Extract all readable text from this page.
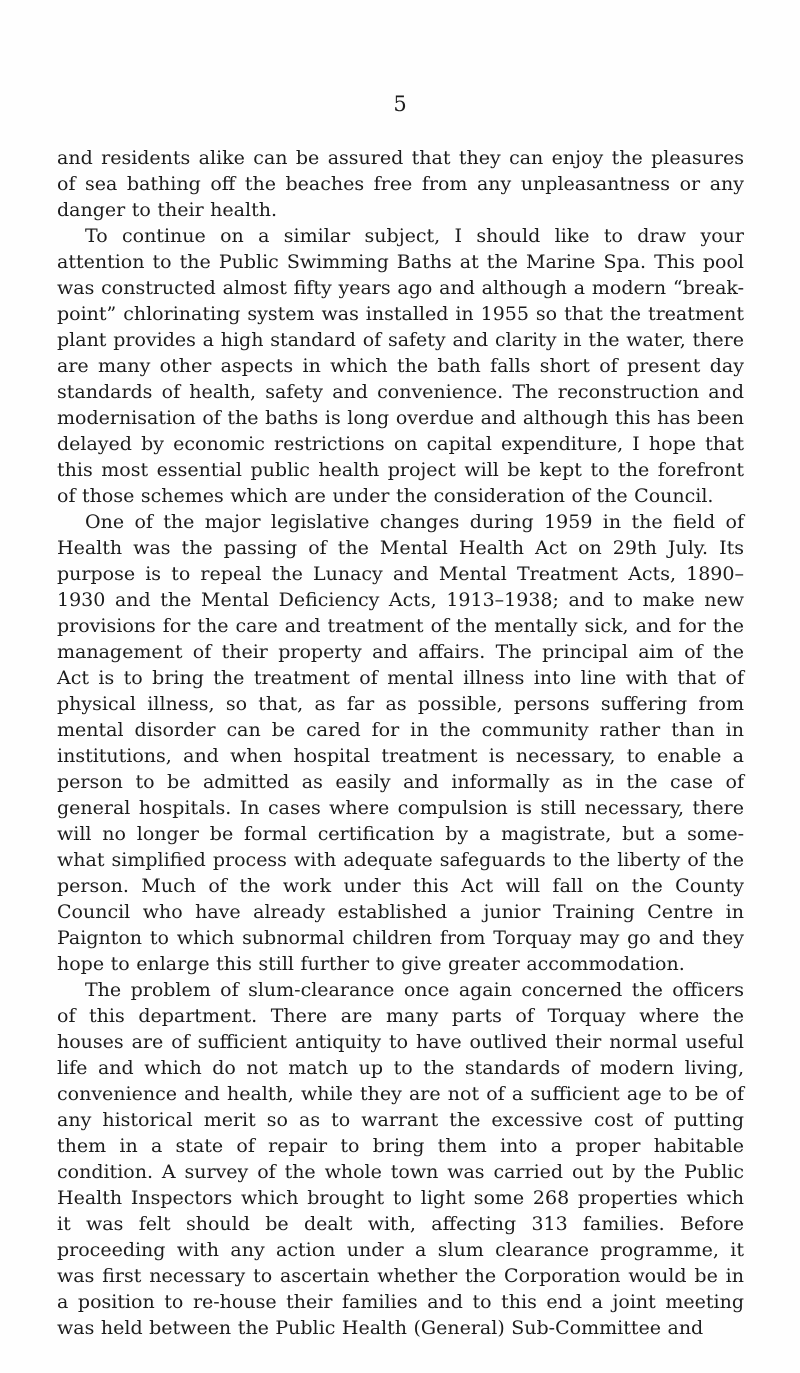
5

and residents alike can be assured that they can enjoy the pleasures of sea bathing off the beaches free from any unpleasantness or any danger to their health.

To continue on a similar subject, I should like to draw your attention to the Public Swimming Baths at the Marine Spa. This pool was constructed almost fifty years ago and although a modern “break-point” chlorinating system was installed in 1955 so that the treatment plant provides a high standard of safety and clarity in the water, there are many other aspects in which the bath falls short of present day standards of health, safety and convenience. The reconstruction and modernisation of the baths is long overdue and although this has been delayed by economic restrictions on capital expenditure, I hope that this most essential public health project will be kept to the forefront of those schemes which are under the consideration of the Council.

One of the major legislative changes during 1959 in the field of Health was the passing of the Mental Health Act on 29th July. Its purpose is to repeal the Lunacy and Mental Treatment Acts, 1890–1930 and the Mental Deficiency Acts, 1913–1938; and to make new provisions for the care and treatment of the mentally sick, and for the management of their property and affairs. The principal aim of the Act is to bring the treatment of mental illness into line with that of physical illness, so that, as far as possible, persons suffering from mental disorder can be cared for in the community rather than in institutions, and when hospital treatment is necessary, to enable a person to be admitted as easily and informally as in the case of general hospitals. In cases where compulsion is still necessary, there will no longer be formal certification by a magistrate, but a some-what simplified process with adequate safeguards to the liberty of the person. Much of the work under this Act will fall on the County Council who have already established a junior Training Centre in Paignton to which subnormal children from Torquay may go and they hope to enlarge this still further to give greater accommodation.

The problem of slum-clearance once again concerned the officers of this department. There are many parts of Torquay where the houses are of sufficient antiquity to have outlived their normal useful life and which do not match up to the standards of modern living, convenience and health, while they are not of a sufficient age to be of any historical merit so as to warrant the excessive cost of putting them in a state of repair to bring them into a proper habitable condition. A survey of the whole town was carried out by the Public Health Inspectors which brought to light some 268 properties which it was felt should be dealt with, affecting 313 families. Before proceeding with any action under a slum clearance programme, it was first necessary to ascertain whether the Corporation would be in a position to re-house their families and to this end a joint meeting was held between the Public Health (General) Sub-Committee and
